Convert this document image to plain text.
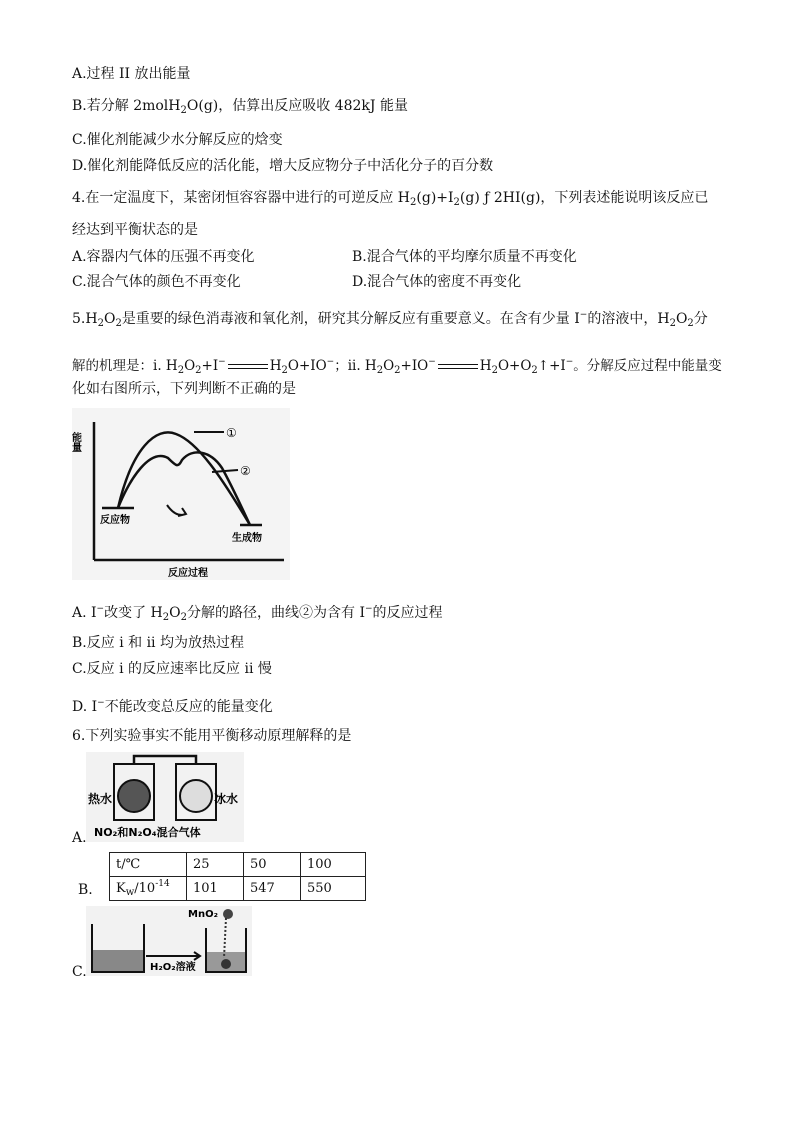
A.过程 II 放出能量
B.若分解 2molH$_2$O(g)，估算出反应吸收 482kJ 能量
C.催化剂能减少水分解反应的焓变
D.催化剂能降低反应的活化能，增大反应物分子中活化分子的百分数
4.在一定温度下，某密闭恒容容器中进行的可逆反应 $H_2(g)+I_2(g)$ ƒ 2HI(g)，下列表述能说明该反应已
经达到平衡状态的是
A.容器内气体的压强不再变化	B.混合气体的平均摩尔质量不再变化
C.混合气体的颜色不再变化	D.混合气体的密度不再变化
$5.H_2O_2$是重要的绿色消毒液和氧化剂，研究其分解反应有重要意义。在含有少量 I−的溶液中，$H_2O_2$分
解的机理是：i. $H_2O_2+I^-$	$H_2O+IO^-$；ii. $H_2O_2+IO^-$	$H_2O+O_2↑+I^-$。分解反应过程中能量变
化如右图所示，下列判断不正确的是
能量	①
②
反应物
生成物
反应过程
A. I−改变了 $H_2O_2$分解的路径，曲线②为含有 I−的反应过程
B.反应 i 和 ii 均为放热过程
C.反应 i 的反应速率比反应 ii 慢
D. I−不能改变总反应的能量变化
6.下列实验事实不能用平衡移动原理解释的是
热水	冰水
NO₂和N₂O₄混合气体
A.
B.
t/℃	25	50	100
$K_w/10^{-14}$	101	547	550
MnO₂
H₂O₂溶液
C.
